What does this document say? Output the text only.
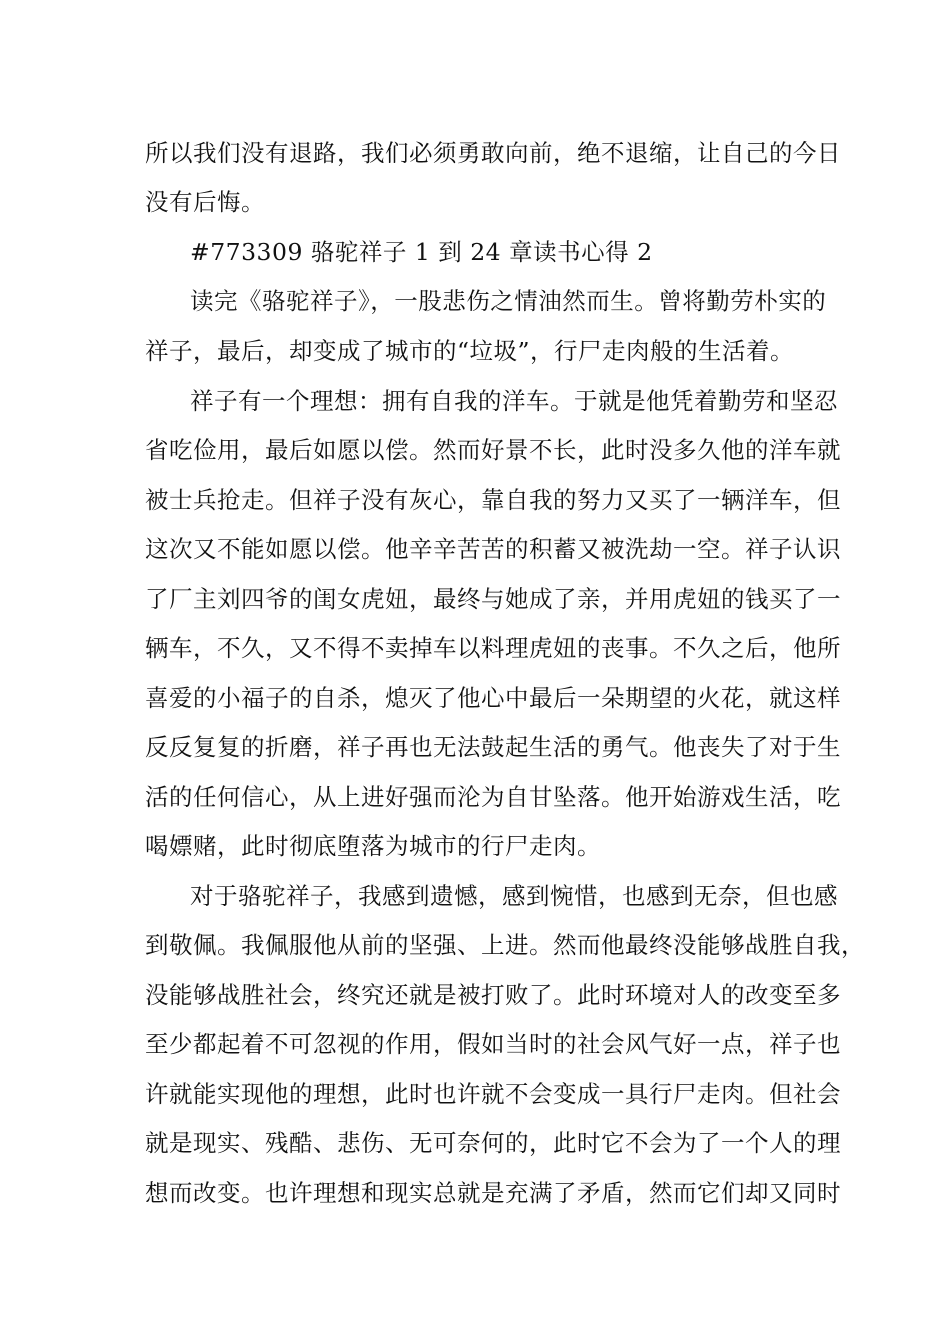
所以我们没有退路，我们必须勇敢向前，绝不退缩，让自己的今日
没有后悔。
#773309 骆驼祥子 1 到 24 章读书心得 2
读完《骆驼祥子》，一股悲伤之情油然而生。曾将勤劳朴实的
祥子，最后，却变成了城市的“垃圾”，行尸走肉般的生活着。
祥子有一个理想：拥有自我的洋车。于就是他凭着勤劳和坚忍
省吃俭用，最后如愿以偿。然而好景不长，此时没多久他的洋车就
被士兵抢走。但祥子没有灰心，靠自我的努力又买了一辆洋车，但
这次又不能如愿以偿。他辛辛苦苦的积蓄又被洗劫一空。祥子认识
了厂主刘四爷的闺女虎妞，最终与她成了亲，并用虎妞的钱买了一
辆车，不久，又不得不卖掉车以料理虎妞的丧事。不久之后，他所
喜爱的小福子的自杀，熄灭了他心中最后一朵期望的火花，就这样
反反复复的折磨，祥子再也无法鼓起生活的勇气。他丧失了对于生
活的任何信心，从上进好强而沦为自甘坠落。他开始游戏生活，吃
喝嫖赌，此时彻底堕落为城市的行尸走肉。
对于骆驼祥子，我感到遗憾，感到惋惜，也感到无奈，但也感
到敬佩。我佩服他从前的坚强、上进。然而他最终没能够战胜自我，
没能够战胜社会，终究还就是被打败了。此时环境对人的改变至多
至少都起着不可忽视的作用，假如当时的社会风气好一点，祥子也
许就能实现他的理想，此时也许就不会变成一具行尸走肉。但社会
就是现实、残酷、悲伤、无可奈何的，此时它不会为了一个人的理
想而改变。也许理想和现实总就是充满了矛盾，然而它们却又同时
